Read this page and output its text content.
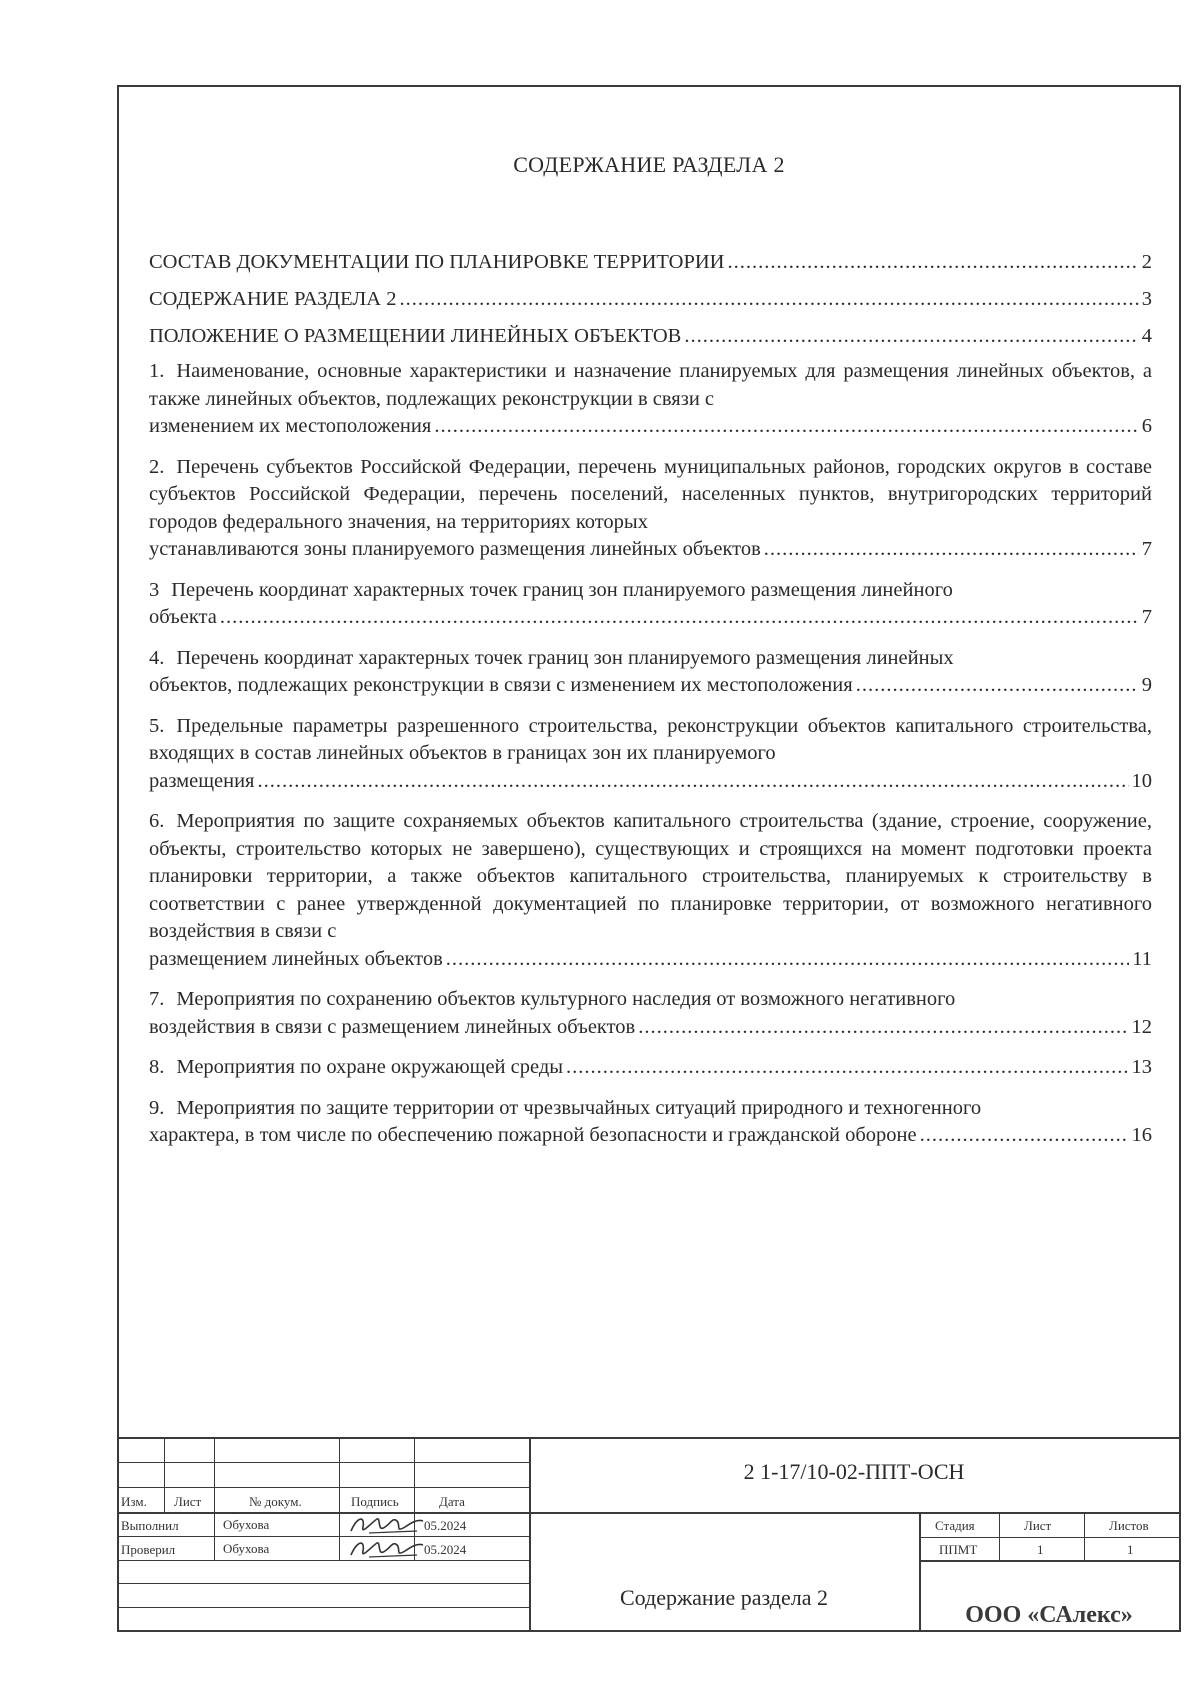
СОДЕРЖАНИЕ РАЗДЕЛА 2
СОСТАВ ДОКУМЕНТАЦИИ ПО ПЛАНИРОВКЕ ТЕРРИТОРИИ .....	2
СОДЕРЖАНИЕ РАЗДЕЛА 2 .....	3
ПОЛОЖЕНИЕ О РАЗМЕЩЕНИИ ЛИНЕЙНЫХ ОБЪЕКТОВ .....	4
1. Наименование, основные характеристики и назначение планируемых для размещения линейных объектов, а также линейных объектов, подлежащих реконструкции в связи с
изменением их местоположения .....	6
2. Перечень субъектов Российской Федерации, перечень муниципальных районов, городских округов в составе субъектов Российской Федерации, перечень поселений, населенных пунктов, внутригородских территорий городов федерального значения, на территориях которых
устанавливаются зоны планируемого размещения линейных объектов .....	7
3 Перечень координат характерных точек границ зон планируемого размещения линейного
объекта .....	7
4. Перечень координат характерных точек границ зон планируемого размещения линейных
объектов, подлежащих реконструкции в связи с изменением их местоположения .....	9
5. Предельные параметры разрешенного строительства, реконструкции объектов капитального строительства, входящих в состав линейных объектов в границах зон их планируемого
размещения .....	10
6. Мероприятия по защите сохраняемых объектов капитального строительства (здание, строение, сооружение, объекты, строительство которых не завершено), существующих и строящихся на момент подготовки проекта планировки территории, а также объектов капитального строительства, планируемых к строительству в соответствии с ранее утвержденной документацией по планировке территории, от возможного негативного воздействия в связи с
размещением линейных объектов .....	11
7. Мероприятия по сохранению объектов культурного наследия от возможного негативного
воздействия в связи с размещением линейных объектов .....	12
8. Мероприятия по охране окружающей среды .....	13
9. Мероприятия по защите территории от чрезвычайных ситуаций природного и техногенного
характера, в том числе по обеспечению пожарной безопасности и гражданской обороне .....	16
Изм. Лист	№ докум.	Подпись	Дата
Выполнил	Обухова	05.2024
Проверил	Обухова	05.2024
2 1-17/10-02-ППТ-ОСН
Содержание раздела 2
Стадия	Лист	Листов
ППМТ	1	1
ООО «САлекс»
